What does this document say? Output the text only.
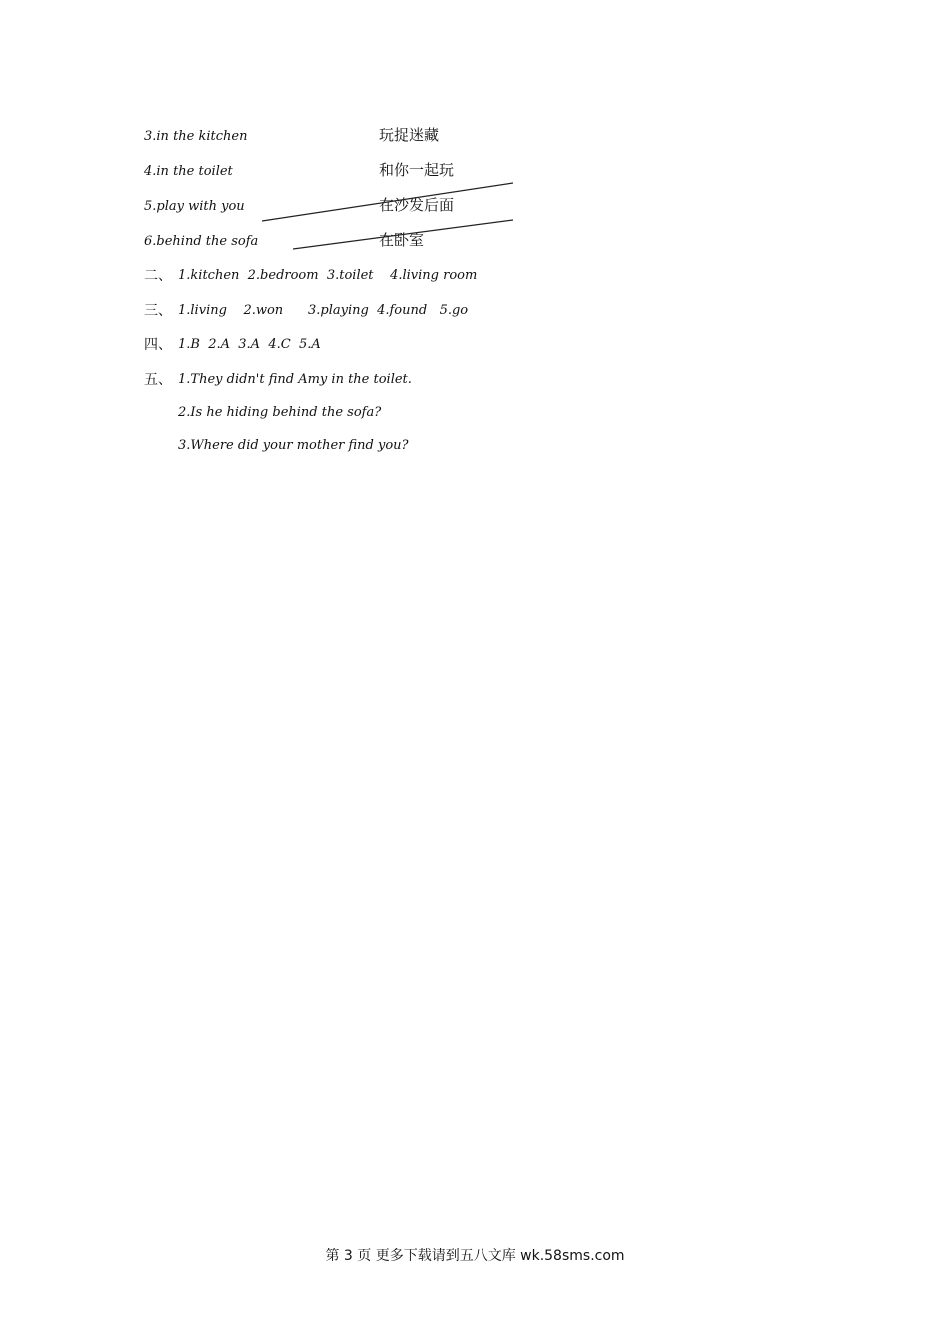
3.in the kitchen
4.in the toilet
5.play with you
6.behind the sofa
玩捉迷藏
和你一起玩
在沙发后面
在卧室
二、 1.kitchen  2.bedroom  3.toilet    4.living room
三、 1.living    2.won      3.playing  4.found   5.go
四、 1.B  2.A  3.A  4.C  5.A
五、 1.They didn't find Amy in the toilet.
2.Is he hiding behind the sofa?
3.Where did your mother find you?
第 3 页 更多下载请到五八文库 wk.58sms.com
